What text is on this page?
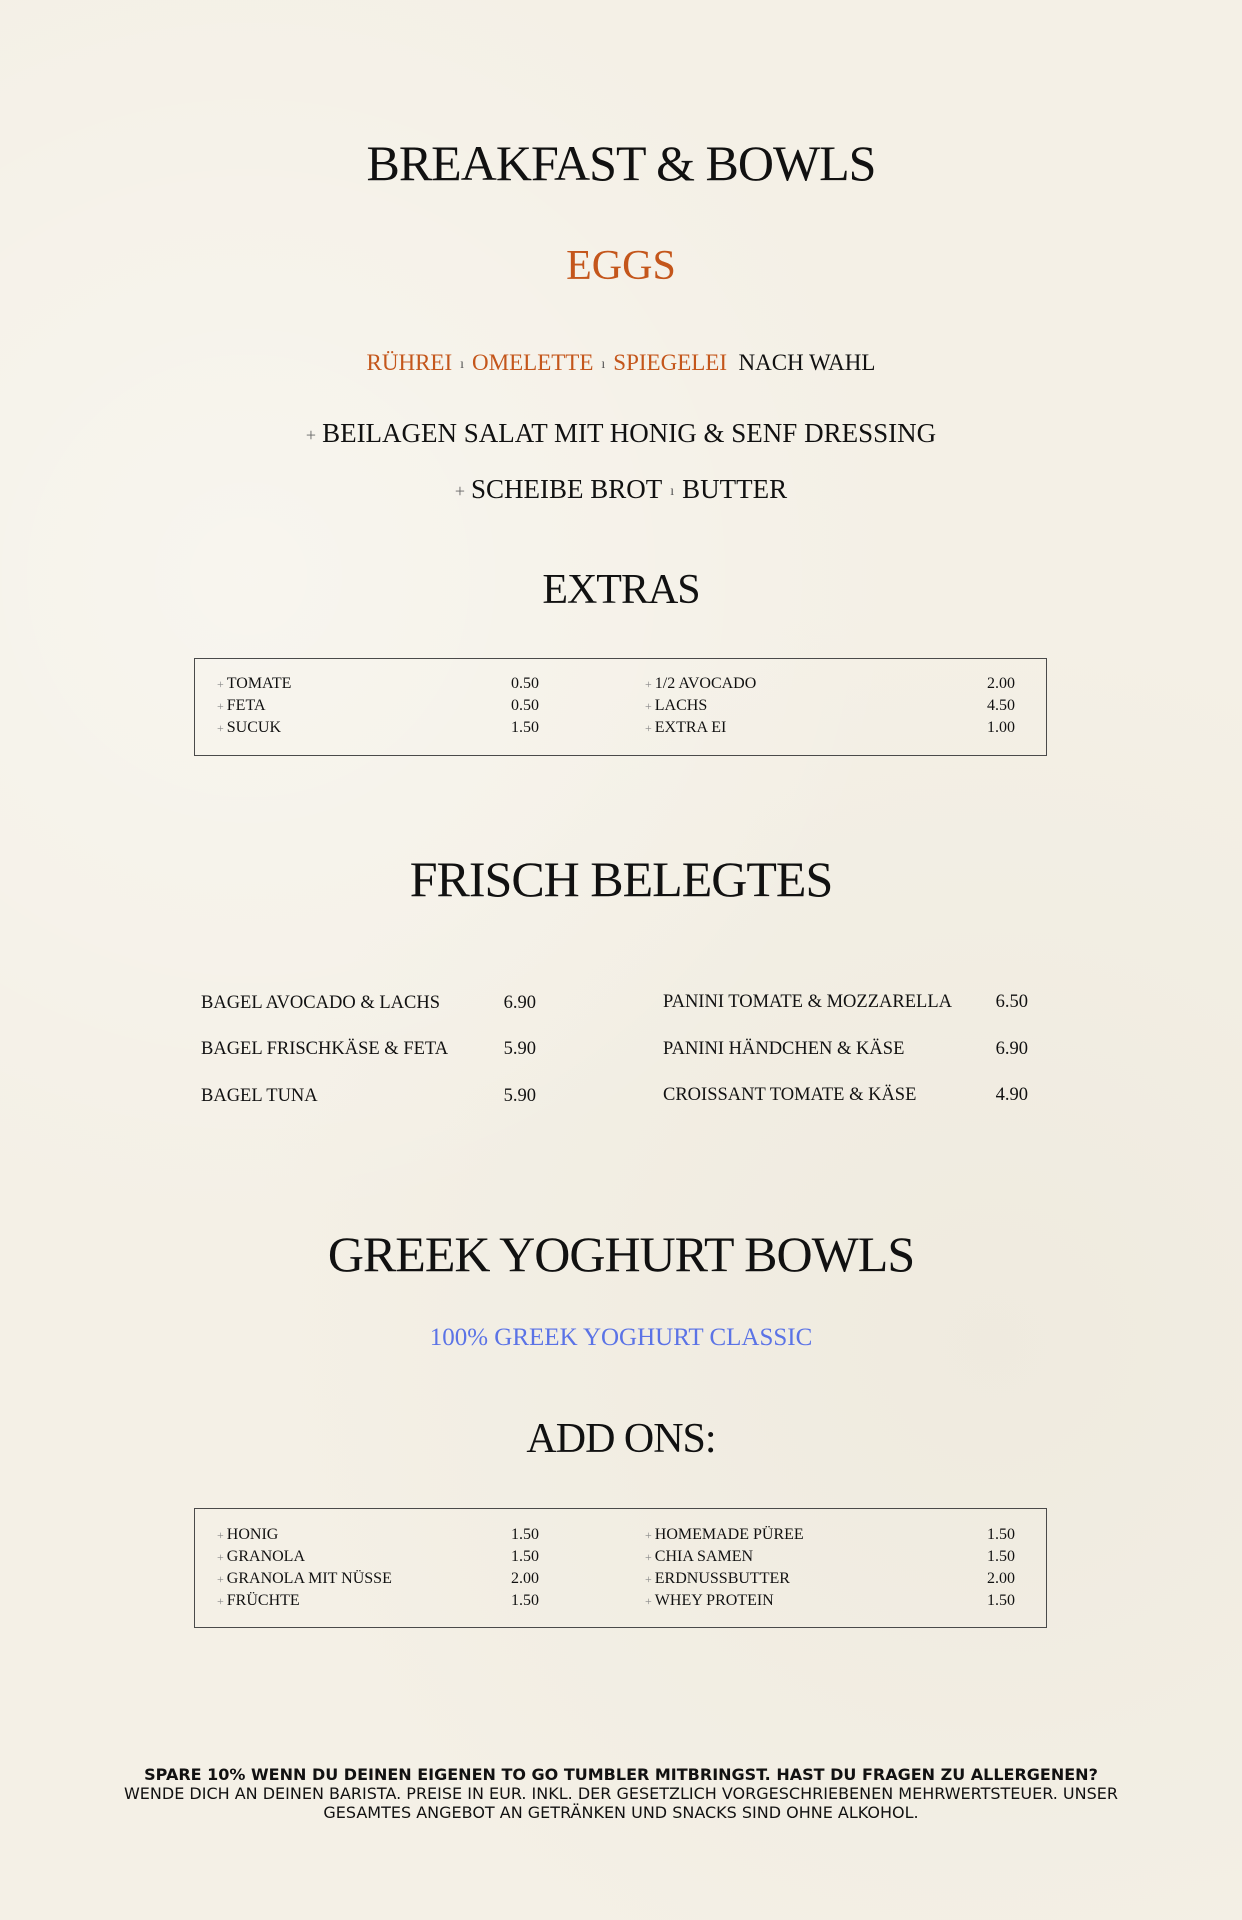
BREAKFAST & BOWLS
EGGS
RÜHREI ı OMELETTE ı SPIEGELEI NACH WAHL
+ BEILAGEN SALAT MIT HONIG & SENF DRESSING
+ SCHEIBE BROT ı BUTTER
EXTRAS
+ TOMATE	0.50
+ FETA	0.50
+ SUCUK	1.50
+ 1/2 AVOCADO	2.00
+ LACHS	4.50
+ EXTRA EI	1.00
FRISCH BELEGTES
BAGEL AVOCADO & LACHS	6.90
BAGEL FRISCHKÄSE & FETA	5.90
BAGEL TUNA	5.90
PANINI TOMATE & MOZZARELLA 6.50
PANINI HÄNDCHEN & KÄSE	6.90
CROISSANT TOMATE & KÄSE	4.90
GREEK YOGHURT BOWLS
100% GREEK YOGHURT CLASSIC
ADD ONS:
+ HONIG	1.50
+ GRANOLA	1.50
+ GRANOLA MIT NÜSSE	2.00
+ FRÜCHTE	1.50
+ HOMEMADE PÜREE	1.50
+ CHIA SAMEN	1.50
+ ERDNUSSBUTTER	2.00
+ WHEY PROTEIN	1.50
SPARE 10% WENN DU DEINEN EIGENEN TO GO TUMBLER MITBRINGST. HAST DU FRAGEN ZU ALLERGENEN? WENDE DICH AN DEINEN BARISTA. PREISE IN EUR. INKL. DER GESETZLICH VORGESCHRIEBENEN MEHRWERTSTEUER. UNSER GESAMTES ANGEBOT AN GETRÄNKEN UND SNACKS SIND OHNE ALKOHOL.
